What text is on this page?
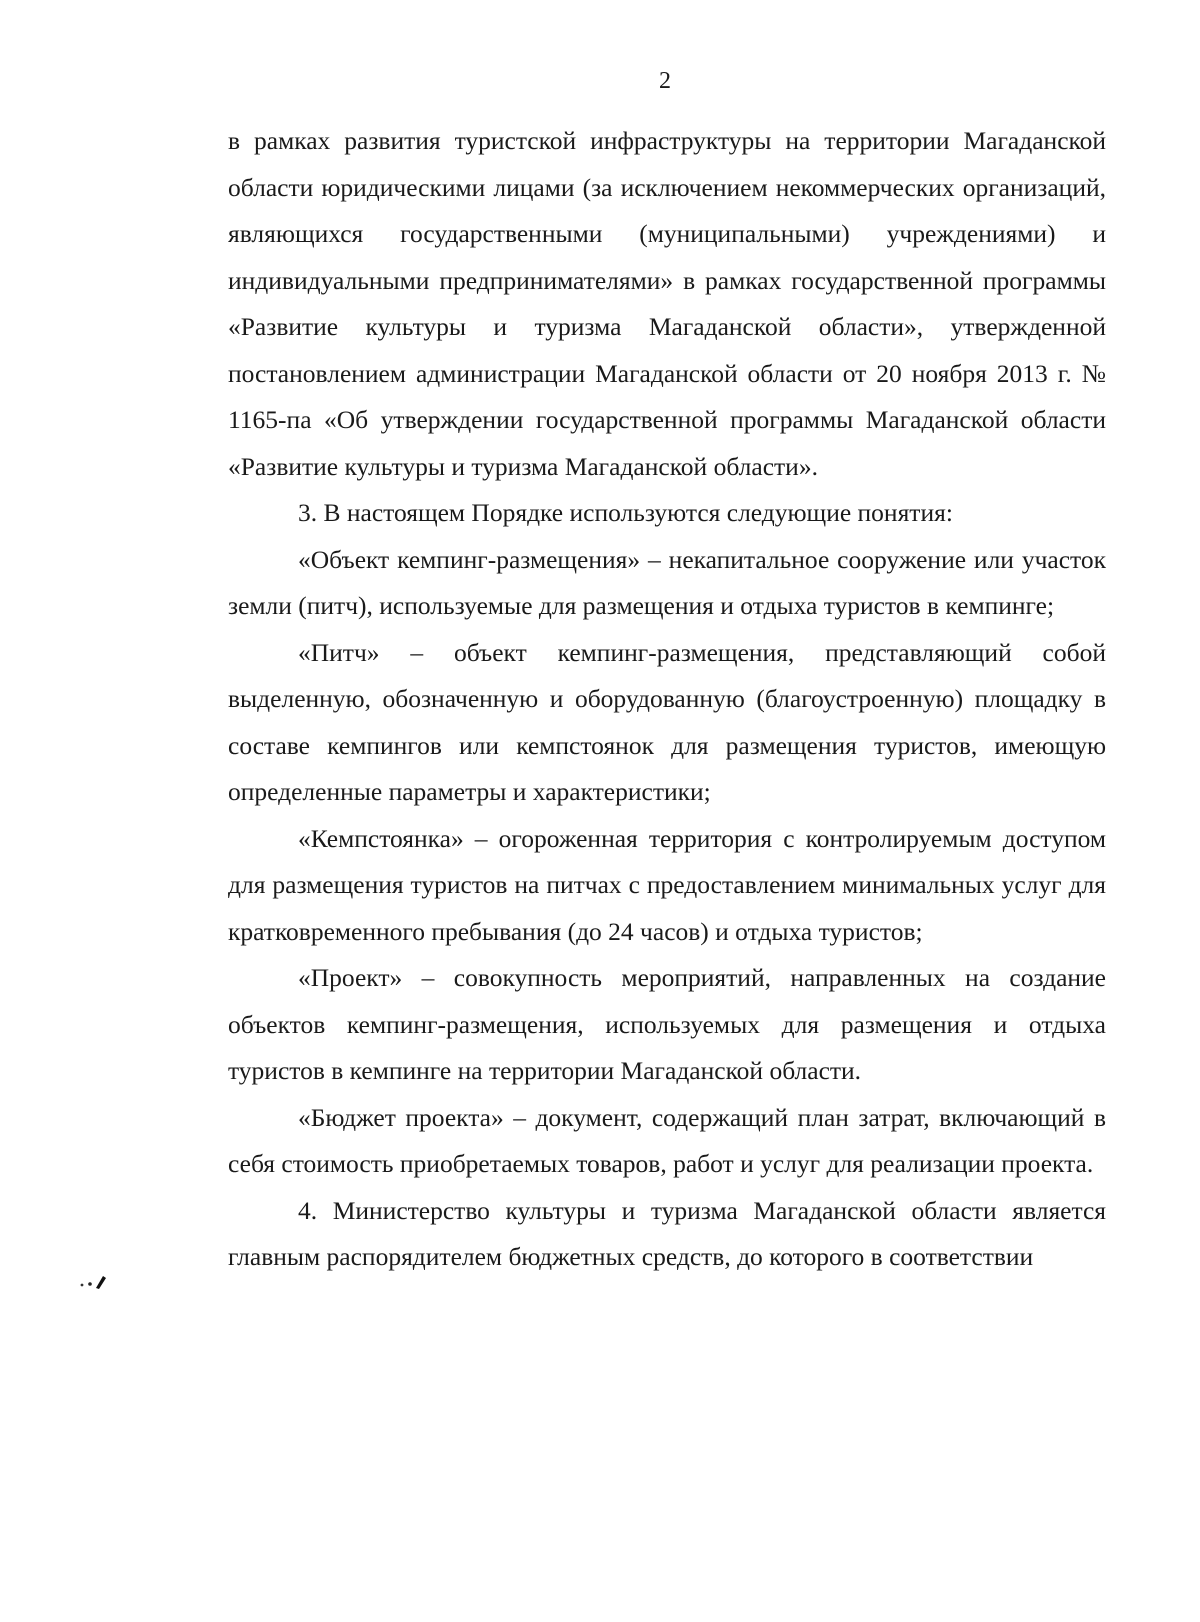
2

в рамках развития туристской инфраструктуры на территории Магаданской области юридическими лицами (за исключением некоммерческих организаций, являющихся государственными (муниципальными) учреждениями) и индивидуальными предпринимателями» в рамках государственной программы «Развитие культуры и туризма Магаданской области», утвержденной постановлением администрации Магаданской области от 20 ноября 2013 г. № 1165-па «Об утверждении государственной программы Магаданской области «Развитие культуры и туризма Магаданской области».

3. В настоящем Порядке используются следующие понятия:

«Объект кемпинг-размещения» – некапитальное сооружение или участок земли (питч), используемые для размещения и отдыха туристов в кемпинге;

«Питч» – объект кемпинг-размещения, представляющий собой выделенную, обозначенную и оборудованную (благоустроенную) площадку в составе кемпингов или кемпстоянок для размещения туристов, имеющую определенные параметры и характеристики;

«Кемпстоянка» – огороженная территория с контролируемым доступом для размещения туристов на питчах с предоставлением минимальных услуг для кратковременного пребывания (до 24 часов) и отдыха туристов;

«Проект» – совокупность мероприятий, направленных на создание объектов кемпинг-размещения, используемых для размещения и отдыха туристов в кемпинге на территории Магаданской области.

«Бюджет проекта» – документ, содержащий план затрат, включающий в себя стоимость приобретаемых товаров, работ и услуг для реализации проекта.

4. Министерство культуры и туризма Магаданской области является главным распорядителем бюджетных средств, до которого в соответствии
